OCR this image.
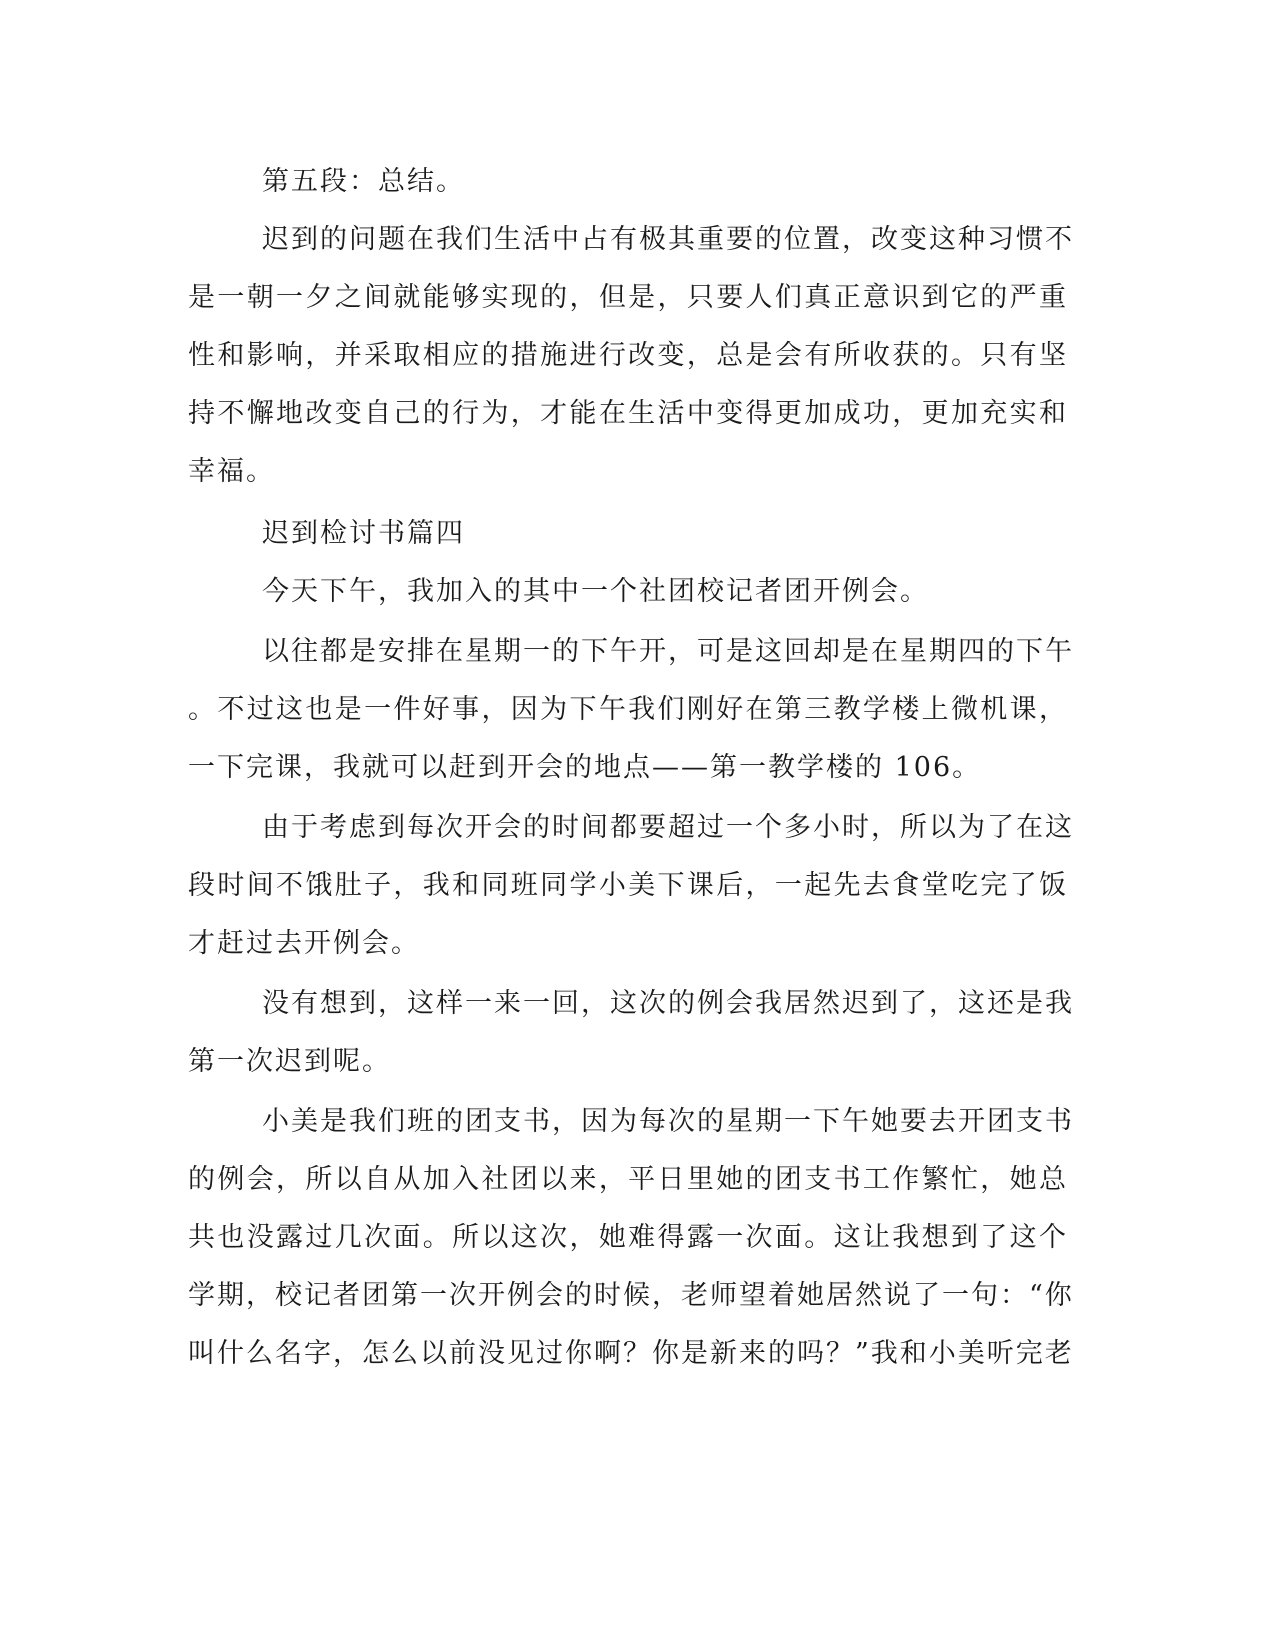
第五段：总结。
迟到的问题在我们生活中占有极其重要的位置，改变这种习惯不
是一朝一夕之间就能够实现的，但是，只要人们真正意识到它的严重
性和影响，并采取相应的措施进行改变，总是会有所收获的。只有坚
持不懈地改变自己的行为，才能在生活中变得更加成功，更加充实和
幸福。
迟到检讨书篇四
今天下午，我加入的其中一个社团校记者团开例会。
以往都是安排在星期一的下午开，可是这回却是在星期四的下午
。不过这也是一件好事，因为下午我们刚好在第三教学楼上微机课，
一下完课，我就可以赶到开会的地点——第一教学楼的 106。
由于考虑到每次开会的时间都要超过一个多小时，所以为了在这
段时间不饿肚子，我和同班同学小美下课后，一起先去食堂吃完了饭
才赶过去开例会。
没有想到，这样一来一回，这次的例会我居然迟到了，这还是我
第一次迟到呢。
小美是我们班的团支书，因为每次的星期一下午她要去开团支书
的例会，所以自从加入社团以来，平日里她的团支书工作繁忙，她总
共也没露过几次面。所以这次，她难得露一次面。这让我想到了这个
学期，校记者团第一次开例会的时候，老师望着她居然说了一句：“你
叫什么名字，怎么以前没见过你啊？你是新来的吗？”我和小美听完老
